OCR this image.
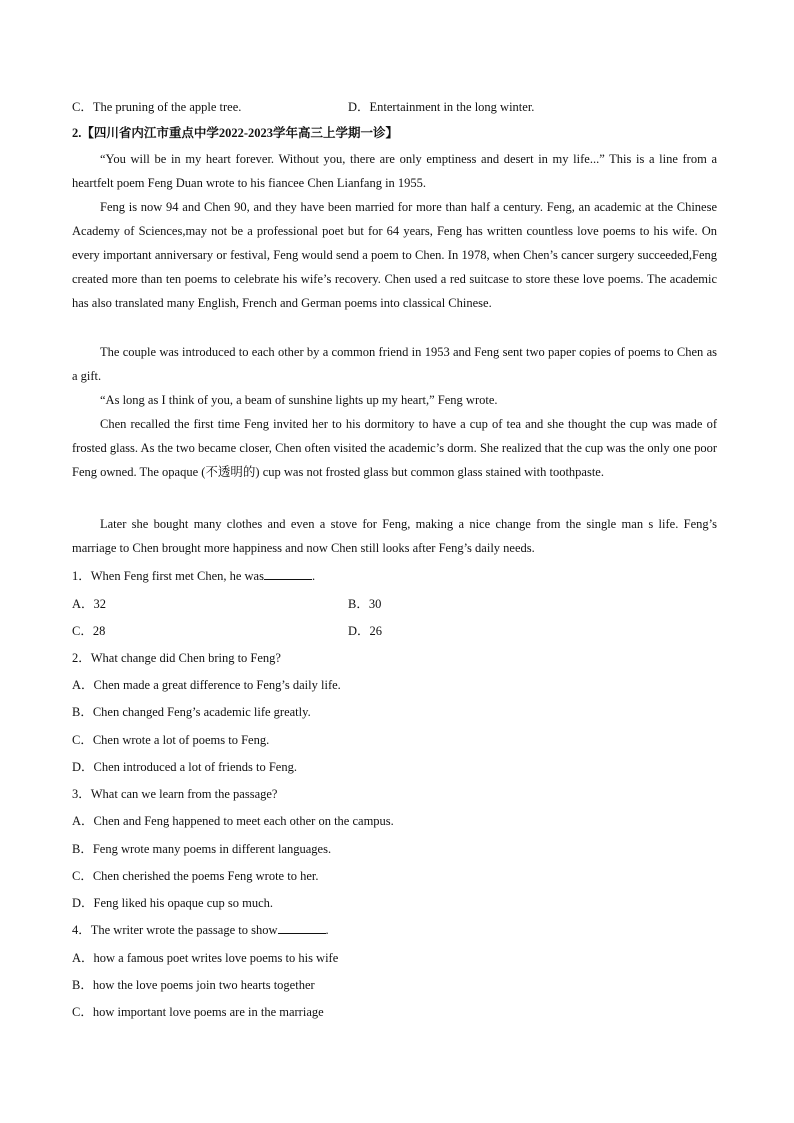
C．The pruning of the apple tree.	D．Entertainment in the long winter.
2.【四川省内江市重点中学2022-2023学年高三上学期一诊】
“You will be in my heart forever. Without you, there are only emptiness and desert in my life...” This is a line from a heartfelt poem Feng Duan wrote to his fiancee Chen Lianfang in 1955.
Feng is now 94 and Chen 90, and they have been married for more than half a century. Feng, an academic at the Chinese Academy of Sciences,may not be a professional poet but for 64 years, Feng has written countless love poems to his wife. On every important anniversary or festival, Feng would send a poem to Chen. In 1978, when Chen’s cancer surgery succeeded,Feng created more than ten poems to celebrate his wife’s recovery. Chen used a red suitcase to store these love poems. The academic has also translated many English, French and German poems into classical Chinese.
The couple was introduced to each other by a common friend in 1953 and Feng sent two paper copies of poems to Chen as a gift.
“As long as I think of you, a beam of sunshine lights up my heart,” Feng wrote.
Chen recalled the first time Feng invited her to his dormitory to have a cup of tea and she thought the cup was made of frosted glass. As the two became closer, Chen often visited the academic’s dorm. She realized that the cup was the only one poor Feng owned. The opaque (不透明的) cup was not frosted glass but common glass stained with toothpaste.
Later she bought many clothes and even a stove for Feng, making a nice change from the single man s life. Feng’s marriage to Chen brought more happiness and now Chen still looks after Feng’s daily needs.
1．When Feng first met Chen, he was	.
A．32	B．30
C．28	D．26
2．What change did Chen bring to Feng?
A．Chen made a great difference to Feng’s daily life.
B．Chen changed Feng’s academic life greatly.
C．Chen wrote a lot of poems to Feng.
D．Chen introduced a lot of friends to Feng.
3．What can we learn from the passage?
A．Chen and Feng happened to meet each other on the campus.
B．Feng wrote many poems in different languages.
C．Chen cherished the poems Feng wrote to her.
D．Feng liked his opaque cup so much.
4．The writer wrote the passage to show	.
A．how a famous poet writes love poems to his wife
B．how the love poems join two hearts together
C．how important love poems are in the marriage
